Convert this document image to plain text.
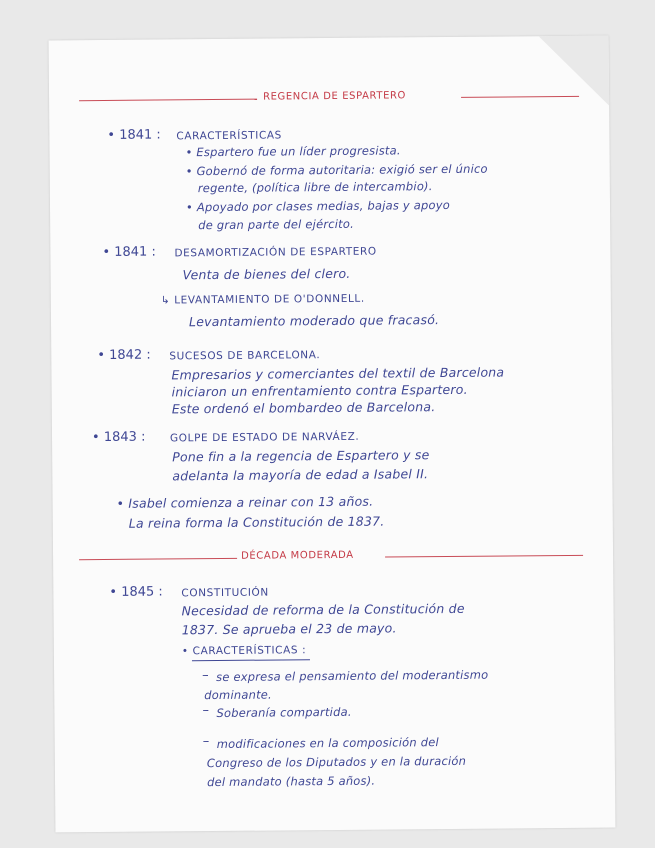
REGENCIA DE ESPARTERO
• 1841 : CARACTERÍSTICAS
• Espartero fue un líder progresista.
• Gobernó de forma autoritaria: exigió ser el único
regente, (política libre de intercambio).
• Apoyado por clases medias, bajas y apoyo
de gran parte del ejército.
• 1841 : DESAMORTIZACIÓN DE ESPARTERO
Venta de bienes del clero.
↳ LEVANTAMIENTO DE O'DONNELL.
Levantamiento moderado que fracasó.
• 1842 : SUCESOS DE BARCELONA.
Empresarios y comerciantes del textil de Barcelona
iniciaron un enfrentamiento contra Espartero.
Este ordenó el bombardeo de Barcelona.
• 1843 : GOLPE DE ESTADO DE NARVÁEZ.
Pone fin a la regencia de Espartero y se
adelanta la mayoría de edad a Isabel II.
• Isabel comienza a reinar con 13 años.
La reina forma la Constitución de 1837.
DÉCADA MODERADA
• 1845 : CONSTITUCIÓN
Necesidad de reforma de la Constitución de
1837. Se aprueba el 23 de mayo.
• CARACTERÍSTICAS :
– se expresa el pensamiento del moderantismo
dominante.
– Soberanía compartida.
– modificaciones en la composición del
Congreso de los Diputados y en la duración
del mandato (hasta 5 años).
